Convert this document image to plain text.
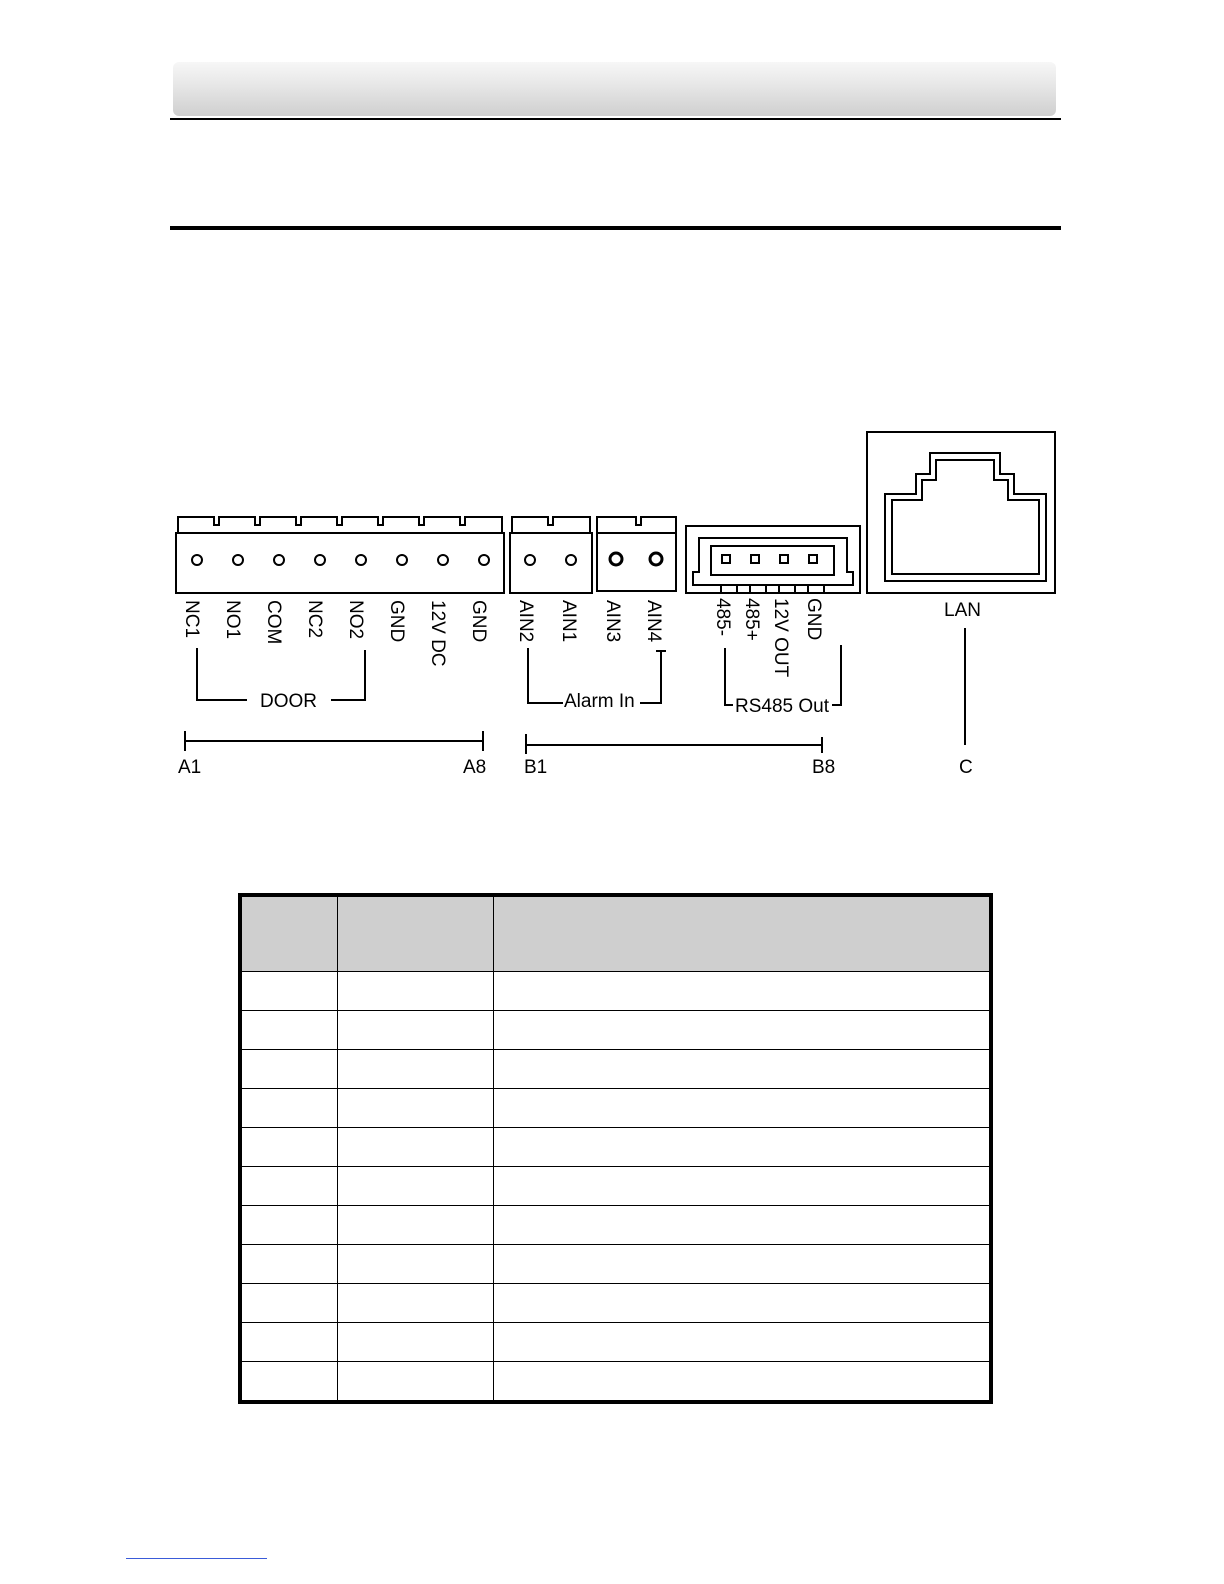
NC1 NO1 COM NC2 NO2 GND 12V DC GND AIN2 AIN1 AIN3 AIN4	485- 485+ 12V OUT GND
DOOR	Alarm In	RS485 Out
LAN
C
A1	A8 B1	B8
